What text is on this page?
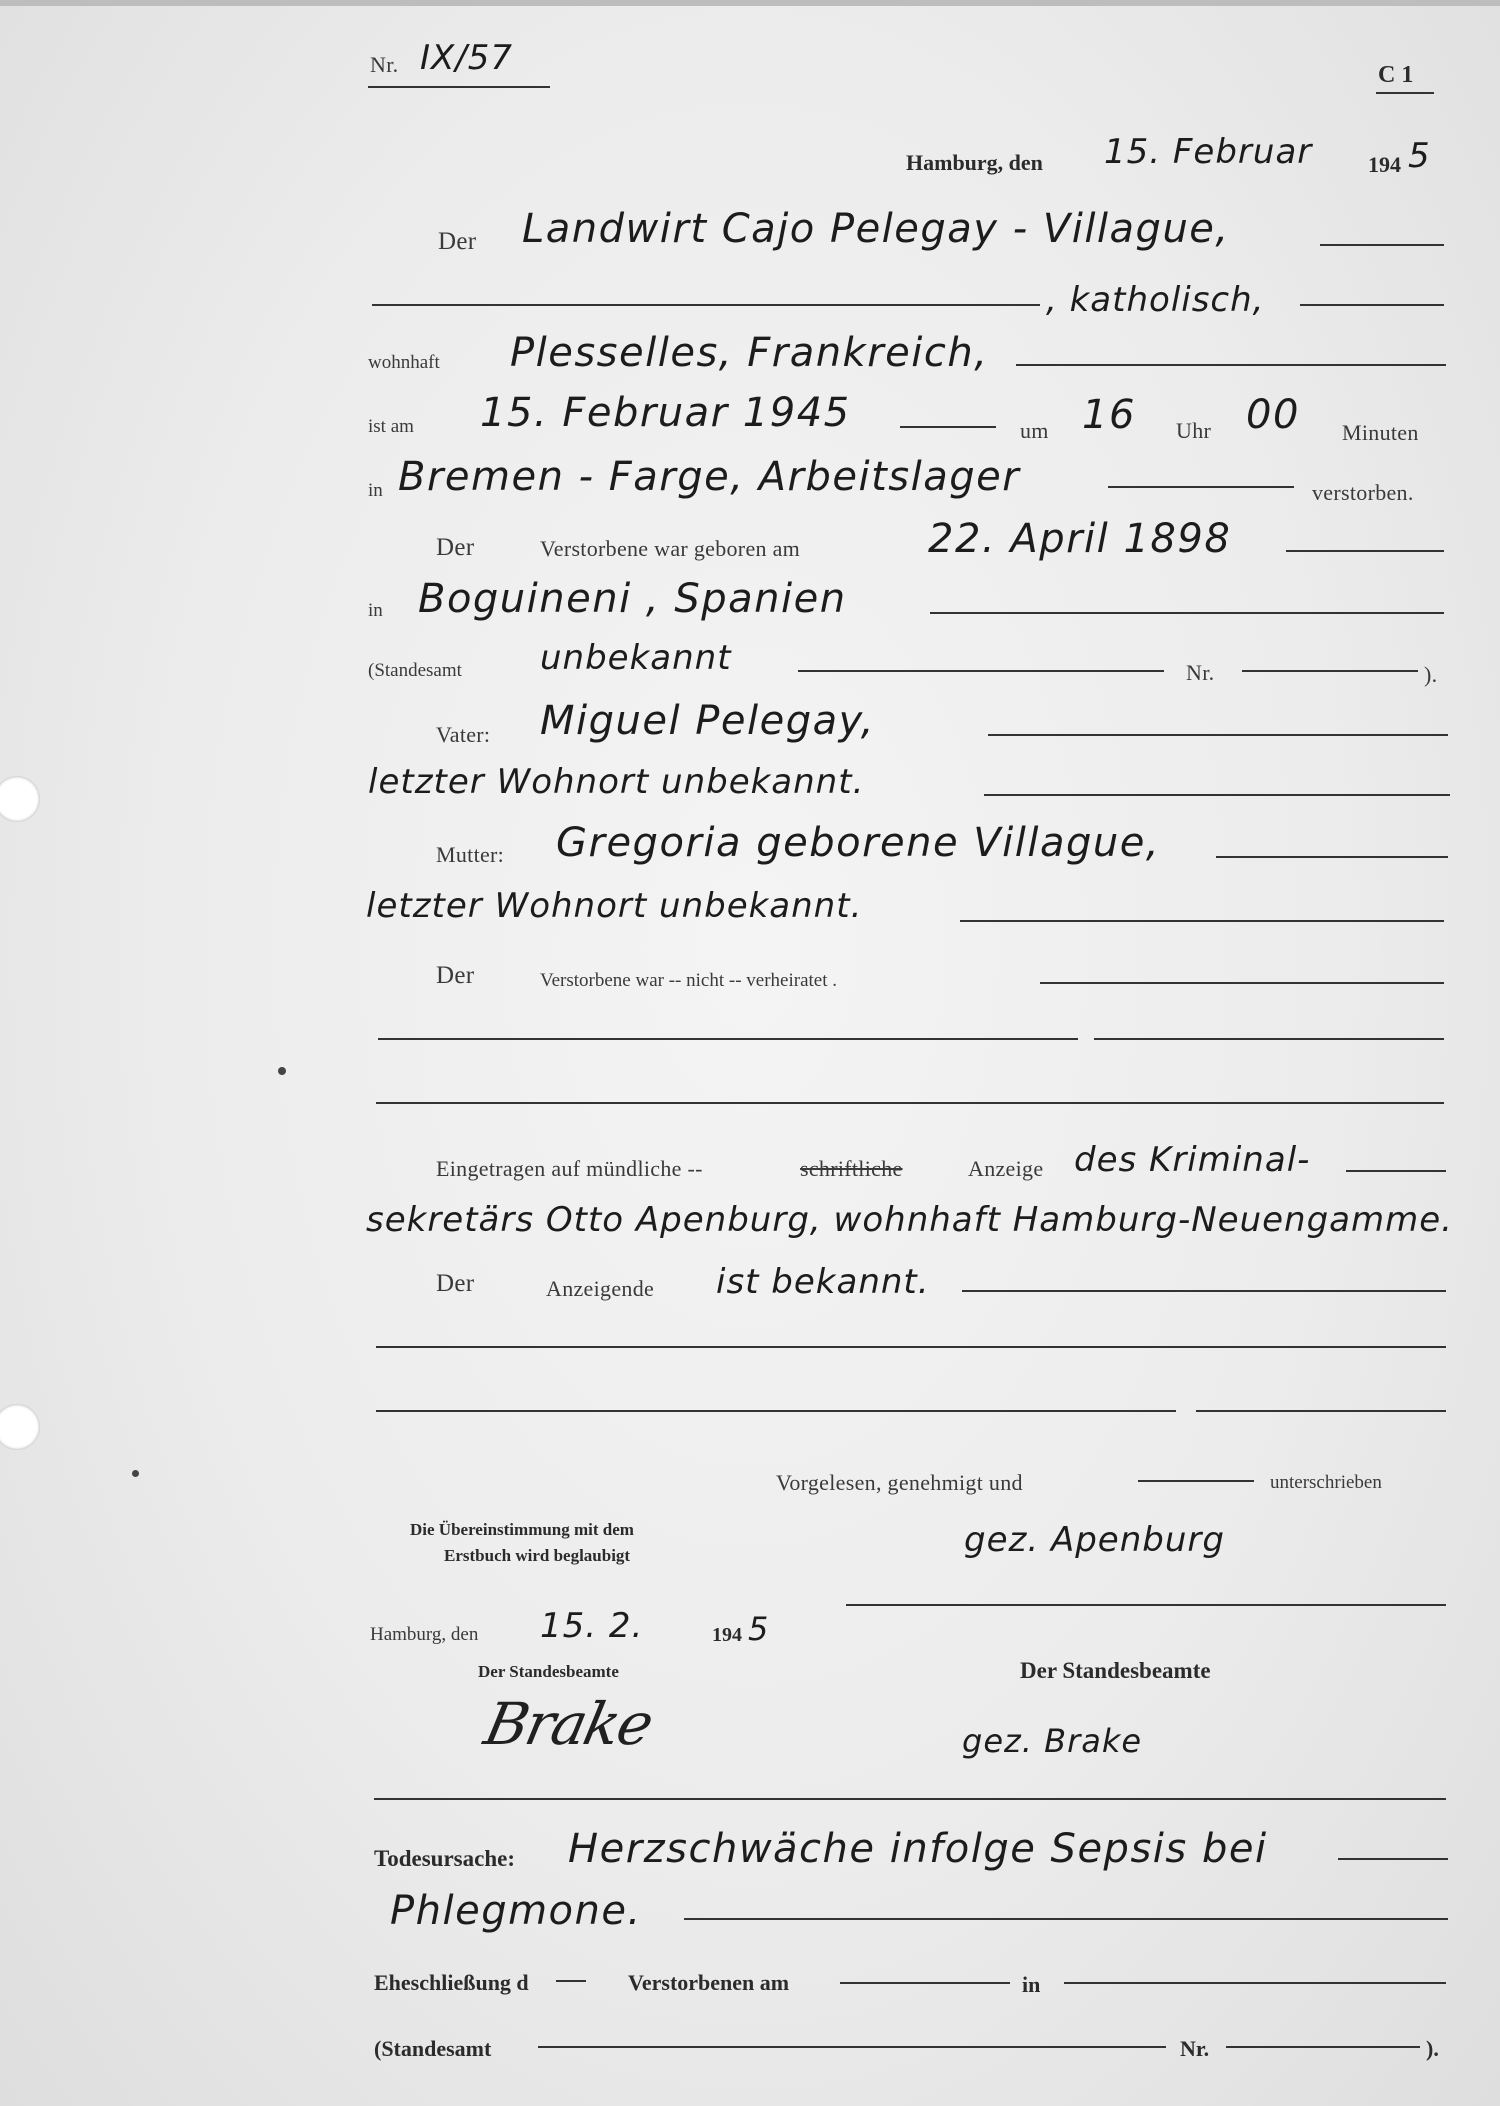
Nr. IX/57	C 1
Hamburg, den 15. Februar	194 5
Der Landwirt Cajo Pelegay - Villague,
, katholisch,
wohnhaft Plesselles, Frankreich,
ist am 15. Februar 1945	um 16 Uhr 00 Minuten
in Bremen - Farge, Arbeitslager	verstorben.
Der	Verstorbene war geboren am	22. April 1898
in Boguineni , Spanien
(Standesamt unbekannt	Nr.	).
Vater: Miguel Pelegay,
letzter Wohnort unbekannt.
Mutter: Gregoria geborene Villague,
letzter Wohnort unbekannt.
Der	Verstorbene war -- nicht -- verheiratet .
Eingetragen auf mündliche --	schriftliche	Anzeige des Kriminal-
sekretärs Otto Apenburg, wohnhaft Hamburg-Neuengamme.
Der	Anzeigende ist bekannt.
Vorgelesen, genehmigt und	unterschrieben
Die Übereinstimmung mit dem
Erstbuch wird beglaubigt	gez. Apenburg
Hamburg, den 15. 2.	194 5
Der Standesbeamte
Brake
Der Standesbeamte
gez. Brake
Todesursache: Herzschwäche infolge Sepsis bei
Phlegmone.
Eheschließung d	Verstorbenen am	in
(Standesamt	Nr.	).
